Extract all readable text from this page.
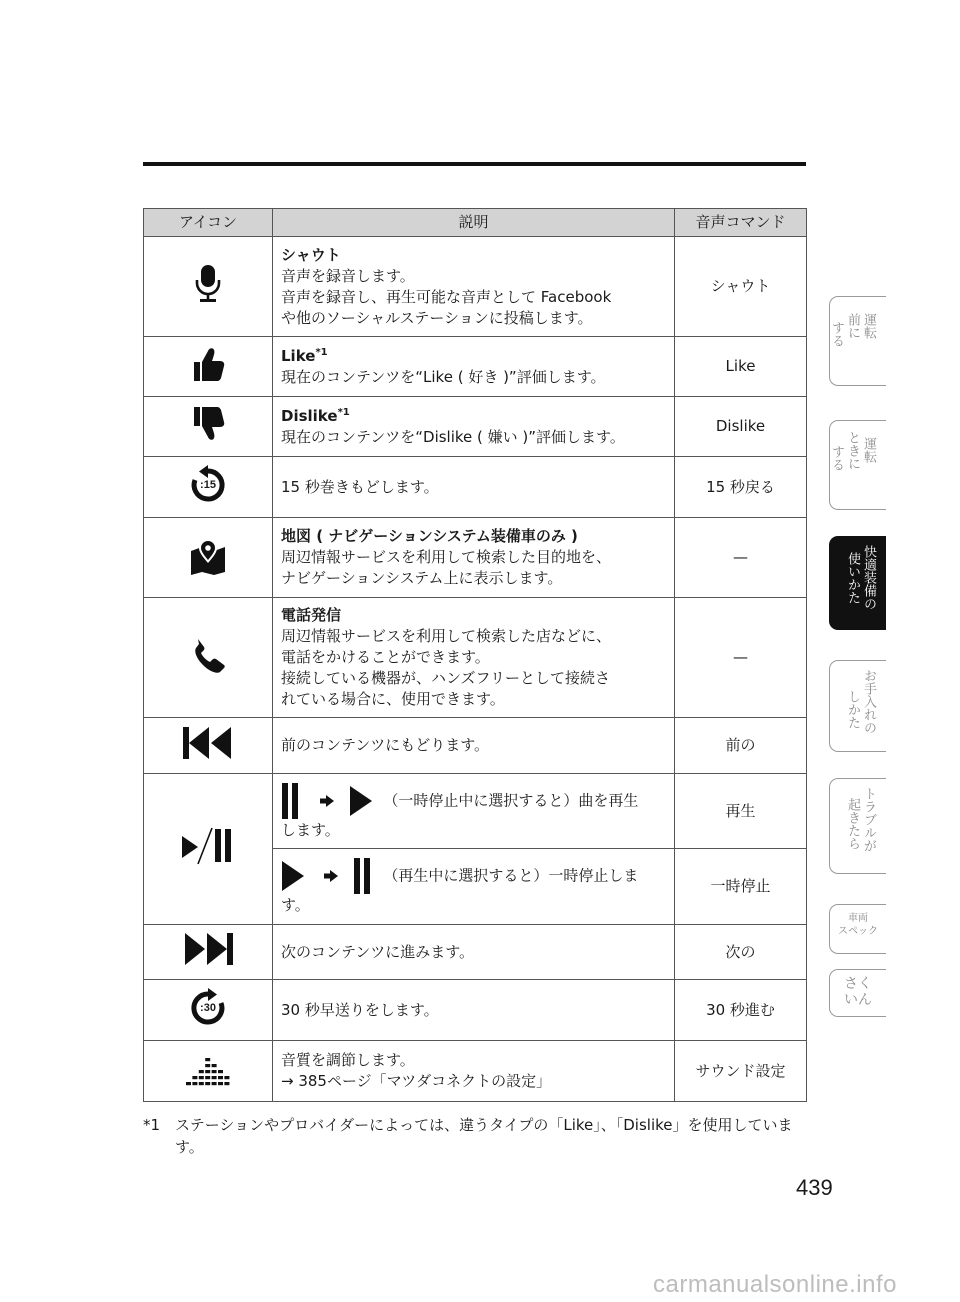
アイコン	説明	音声コマンド

シャウト
音声を録音します。
音声を録音し、再生可能な音声として Facebook
や他のソーシャルステーションに投稿します。	シャウト

Like$^{*1}$
現在のコンテンツを“Like ( 好き )”評価します。	Like

Dislike$^{*1}$
現在のコンテンツを“Dislike ( 嫌い )”評価します。	Dislike

:15	15 秒巻きもどします。	15 秒戻る

地図 ( ナビゲーションシステム装備車のみ )
周辺情報サービスを利用して検索した目的地を、
ナビゲーションシステム上に表示します。	—

電話発信
周辺情報サービスを利用して検索した店などに、
電話をかけることができます。
接続している機器が、ハンズフリーとして接続さ
れている場合に、使用できます。	—

前のコンテンツにもどります。	前の

（一時停止中に選択すると）曲を再生
します。	再生

（再生中に選択すると）一時停止しま
す。	一時停止

次のコンテンツに進みます。	次の

:30	30 秒早送りをします。	30 秒進む

音質を調節します。
→ 385ページ「マツダコネクトの設定」	サウンド設定
*1 ステーションやプロバイダーによっては、違うタイプの「Like」、「Dislike」を使用しています。
439
carmanualsonline.info
運転
前に
する
運転
ときに
する
快適装備の
使いかた
お手入れの
しかた
トラブルが
起きたら
車両
スペック
さく
いん
